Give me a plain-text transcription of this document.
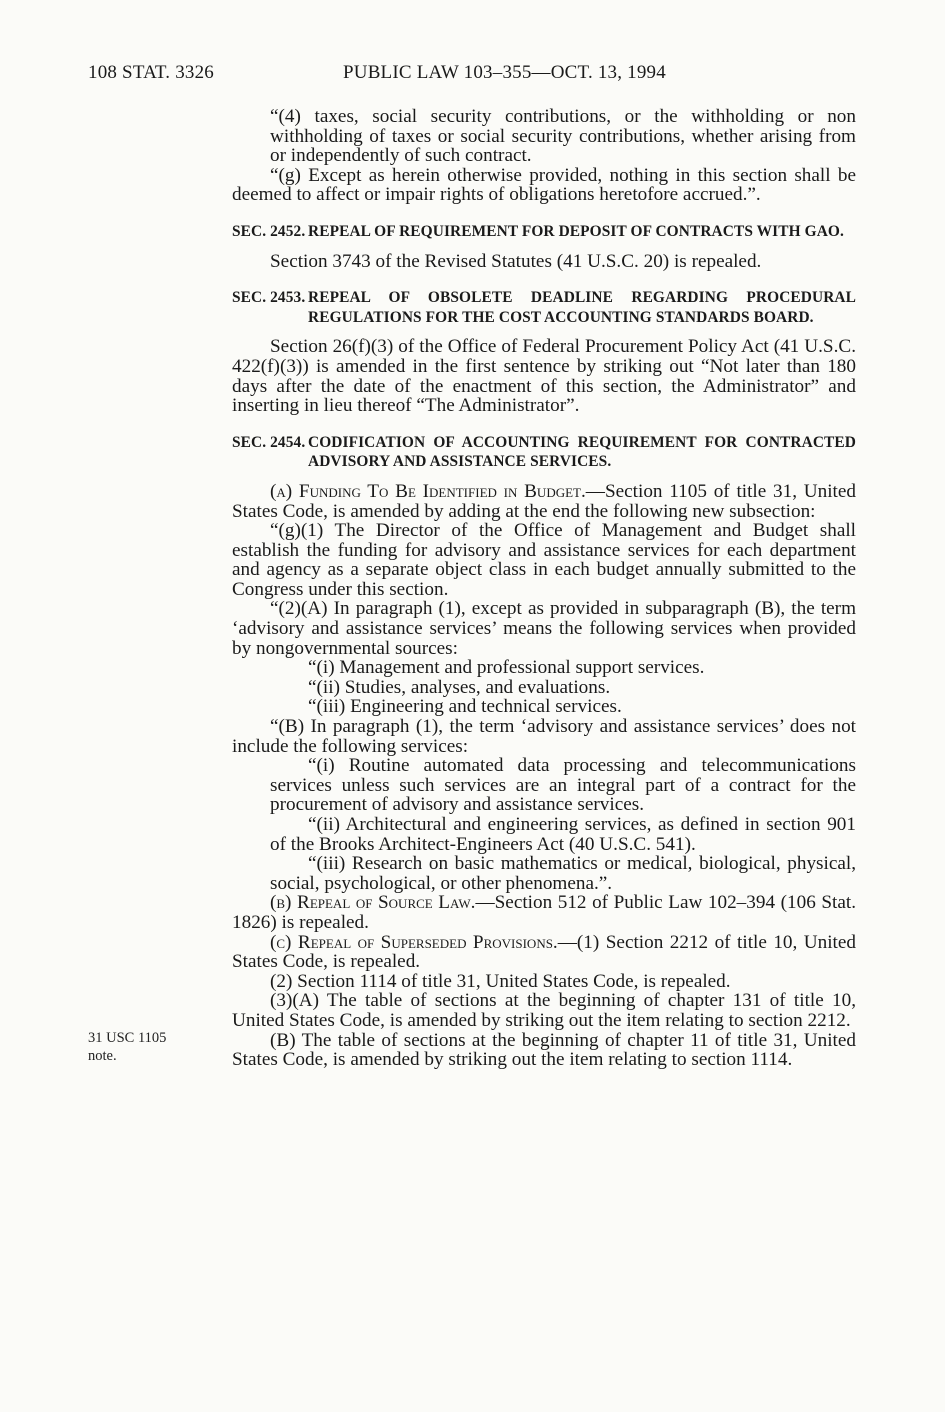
108 STAT. 3326	PUBLIC LAW 103–355—OCT. 13, 1994
31 USC 1105
note.

“(4) taxes, social security contributions, or the withholding or non withholding of taxes or social security contributions, whether arising from or independently of such contract.

“(g) Except as herein otherwise provided, nothing in this section shall be deemed to affect or impair rights of obligations heretofore accrued.”.

SEC. 2452. REPEAL OF REQUIREMENT FOR DEPOSIT OF CONTRACTS WITH GAO.

Section 3743 of the Revised Statutes (41 U.S.C. 20) is repealed.

SEC. 2453. REPEAL OF OBSOLETE DEADLINE REGARDING PROCEDURAL REGULATIONS FOR THE COST ACCOUNTING STANDARDS BOARD.

Section 26(f)(3) of the Office of Federal Procurement Policy Act (41 U.S.C. 422(f)(3)) is amended in the first sentence by striking out “Not later than 180 days after the date of the enactment of this section, the Administrator” and inserting in lieu thereof “The Administrator”.

SEC. 2454. CODIFICATION OF ACCOUNTING REQUIREMENT FOR CONTRACTED ADVISORY AND ASSISTANCE SERVICES.

(a) Funding To Be Identified in Budget.—Section 1105 of title 31, United States Code, is amended by adding at the end the following new subsection:

“(g)(1) The Director of the Office of Management and Budget shall establish the funding for advisory and assistance services for each department and agency as a separate object class in each budget annually submitted to the Congress under this section.

“(2)(A) In paragraph (1), except as provided in subparagraph (B), the term ‘advisory and assistance services’ means the following services when provided by nongovernmental sources:

“(i) Management and professional support services.

“(ii) Studies, analyses, and evaluations.

“(iii) Engineering and technical services.

“(B) In paragraph (1), the term ‘advisory and assistance services’ does not include the following services:

“(i) Routine automated data processing and telecommunications services unless such services are an integral part of a contract for the procurement of advisory and assistance services.

“(ii) Architectural and engineering services, as defined in section 901 of the Brooks Architect-Engineers Act (40 U.S.C. 541).

“(iii) Research on basic mathematics or medical, biological, physical, social, psychological, or other phenomena.”.

(b) Repeal of Source Law.—Section 512 of Public Law 102–394 (106 Stat. 1826) is repealed.

(c) Repeal of Superseded Provisions.—(1) Section 2212 of title 10, United States Code, is repealed.

(2) Section 1114 of title 31, United States Code, is repealed.

(3)(A) The table of sections at the beginning of chapter 131 of title 10, United States Code, is amended by striking out the item relating to section 2212.

(B) The table of sections at the beginning of chapter 11 of title 31, United States Code, is amended by striking out the item relating to section 1114.
